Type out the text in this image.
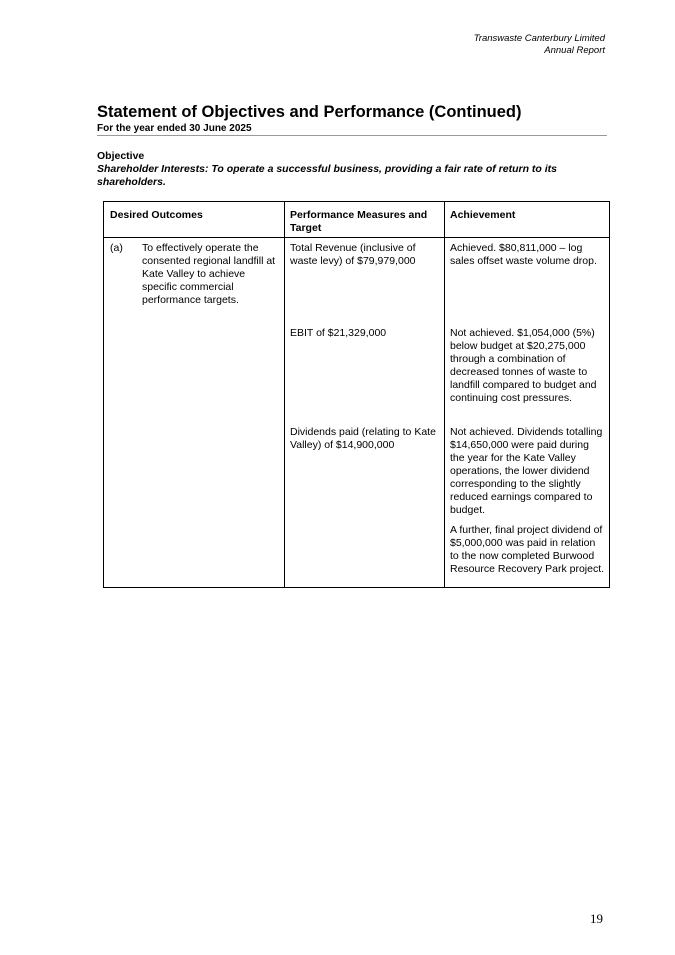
Transwaste Canterbury Limited
Annual Report
Statement of Objectives and Performance (Continued)
For the year ended 30 June 2025
Objective
Shareholder Interests: To operate a successful business, providing a fair rate of return to its shareholders.
Desired Outcomes	Performance Measures and Target
Achievement
(a) To effectively operate the consented regional landfill at Kate Valley to achieve specific commercial performance targets.
Total Revenue (inclusive of waste levy) of $79,979,000
Achieved. $80,811,000 – log sales offset waste volume drop.
EBIT of $21,329,000	Not achieved. $1,054,000 (5%) below budget at $20,275,000 through a combination of decreased tonnes of waste to landfill compared to budget and continuing cost pressures.
Dividends paid (relating to Kate Valley) of $14,900,000
Not achieved. Dividends totalling $14,650,000 were paid during the year for the Kate Valley operations, the lower dividend corresponding to the slightly reduced earnings compared to budget.
A further, final project dividend of $5,000,000 was paid in relation to the now completed Burwood Resource Recovery Park project.
19
